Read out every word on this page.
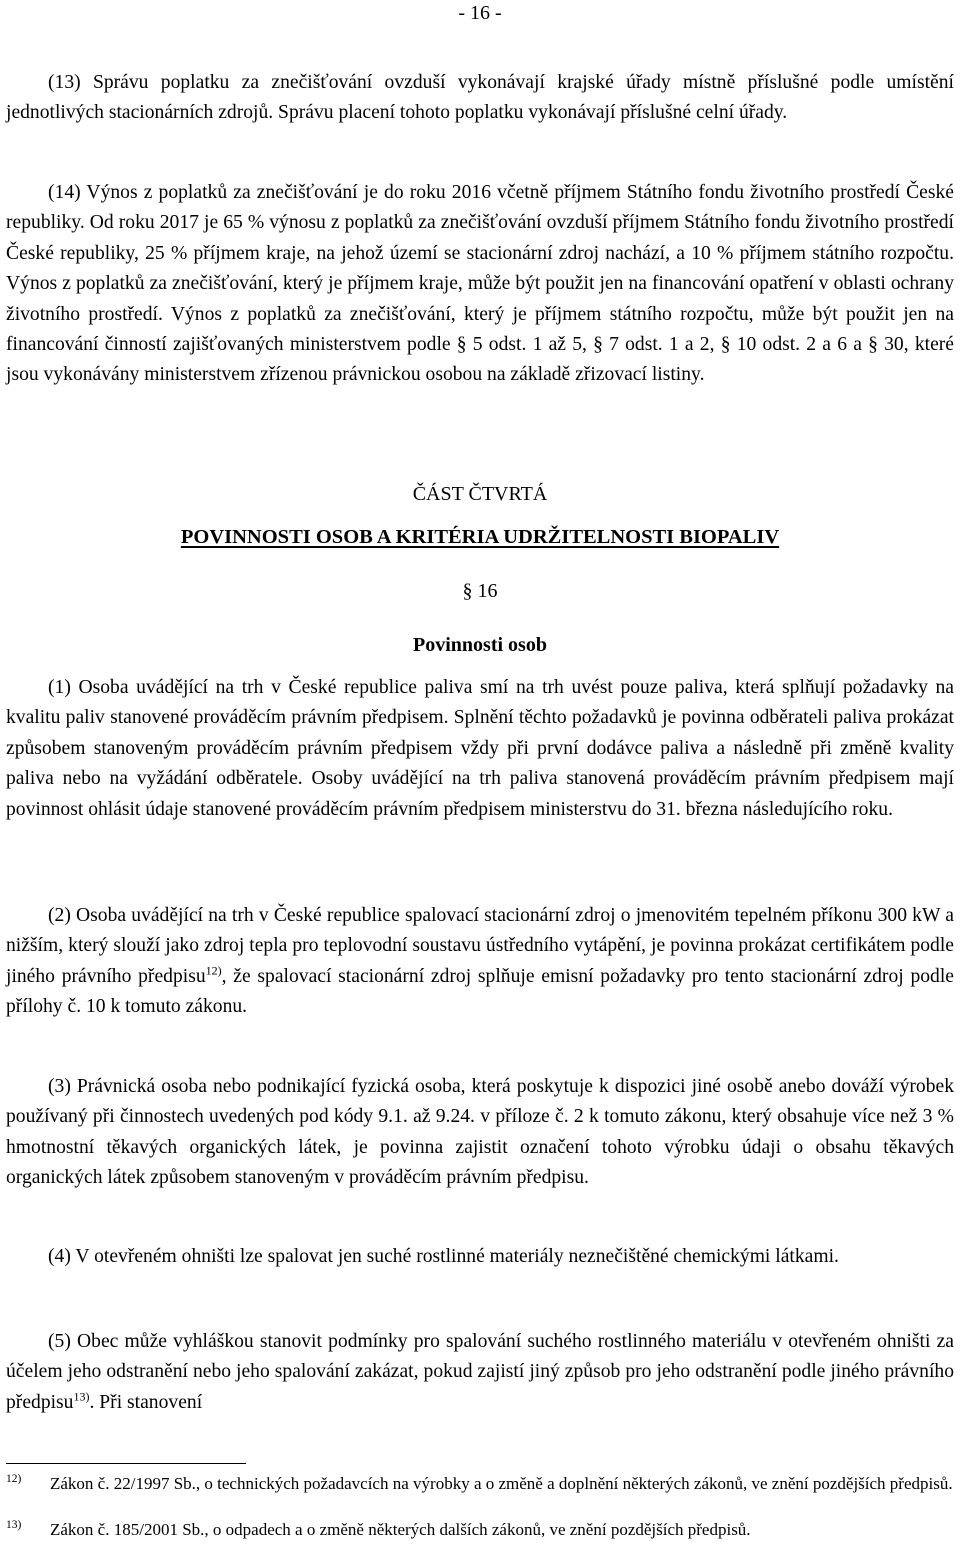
- 16 -

(13) Správu poplatku za znečišťování ovzduší vykonávají krajské úřady místně příslušné podle umístění jednotlivých stacionárních zdrojů. Správu placení tohoto poplatku vykonávají příslušné celní úřady.

(14) Výnos z poplatků za znečišťování je do roku 2016 včetně příjmem Státního fondu životního prostředí České republiky. Od roku 2017 je 65 % výnosu z poplatků za znečišťování ovzduší příjmem Státního fondu životního prostředí České republiky, 25 % příjmem kraje, na jehož území se stacionární zdroj nachází, a 10 % příjmem státního rozpočtu. Výnos z poplatků za znečišťování, který je příjmem kraje, může být použit jen na financování opatření v oblasti ochrany životního prostředí. Výnos z poplatků za znečišťování, který je příjmem státního rozpočtu, může být použit jen na financování činností zajišťovaných ministerstvem podle § 5 odst. 1 až 5, § 7 odst. 1 a 2, § 10 odst. 2 a 6 a § 30, které jsou vykonávány ministerstvem zřízenou právnickou osobou na základě zřizovací listiny.

ČÁST ČTVRTÁ

POVINNOSTI OSOB A KRITÉRIA UDRŽITELNOSTI BIOPALIV

§ 16

Povinnosti osob

(1) Osoba uvádějící na trh v České republice paliva smí na trh uvést pouze paliva, která splňují požadavky na kvalitu paliv stanovené prováděcím právním předpisem. Splnění těchto požadavků je povinna odběrateli paliva prokázat způsobem stanoveným prováděcím právním předpisem vždy při první dodávce paliva a následně při změně kvality paliva nebo na vyžádání odběratele. Osoby uvádějící na trh paliva stanovená prováděcím právním předpisem mají povinnost ohlásit údaje stanovené prováděcím právním předpisem ministerstvu do 31. března následujícího roku.

(2) Osoba uvádějící na trh v České republice spalovací stacionární zdroj o jmenovitém tepelném příkonu 300 kW a nižším, který slouží jako zdroj tepla pro teplovodní soustavu ústředního vytápění, je povinna prokázat certifikátem podle jiného právního předpisu$^{12)}$, že spalovací stacionární zdroj splňuje emisní požadavky pro tento stacionární zdroj podle přílohy č. 10 k tomuto zákonu.

(3) Právnická osoba nebo podnikající fyzická osoba, která poskytuje k dispozici jiné osobě anebo dováží výrobek používaný při činnostech uvedených pod kódy 9.1. až 9.24. v příloze č. 2 k tomuto zákonu, který obsahuje více než 3 % hmotnostní těkavých organických látek, je povinna zajistit označení tohoto výrobku údaji o obsahu těkavých organických látek způsobem stanoveným v prováděcím právním předpisu.

(4) V otevřeném ohništi lze spalovat jen suché rostlinné materiály neznečištěné chemickými látkami.

(5) Obec může vyhláškou stanovit podmínky pro spalování suchého rostlinného materiálu v otevřeném ohništi za účelem jeho odstranění nebo jeho spalování zakázat, pokud zajistí jiný způsob pro jeho odstranění podle jiného právního předpisu$^{13)}$. Při stanovení

12) Zákon č. 22/1997 Sb., o technických požadavcích na výrobky a o změně a doplnění některých zákonů, ve znění pozdějších předpisů.
13) Zákon č. 185/2001 Sb., o odpadech a o změně některých dalších zákonů, ve znění pozdějších předpisů.
